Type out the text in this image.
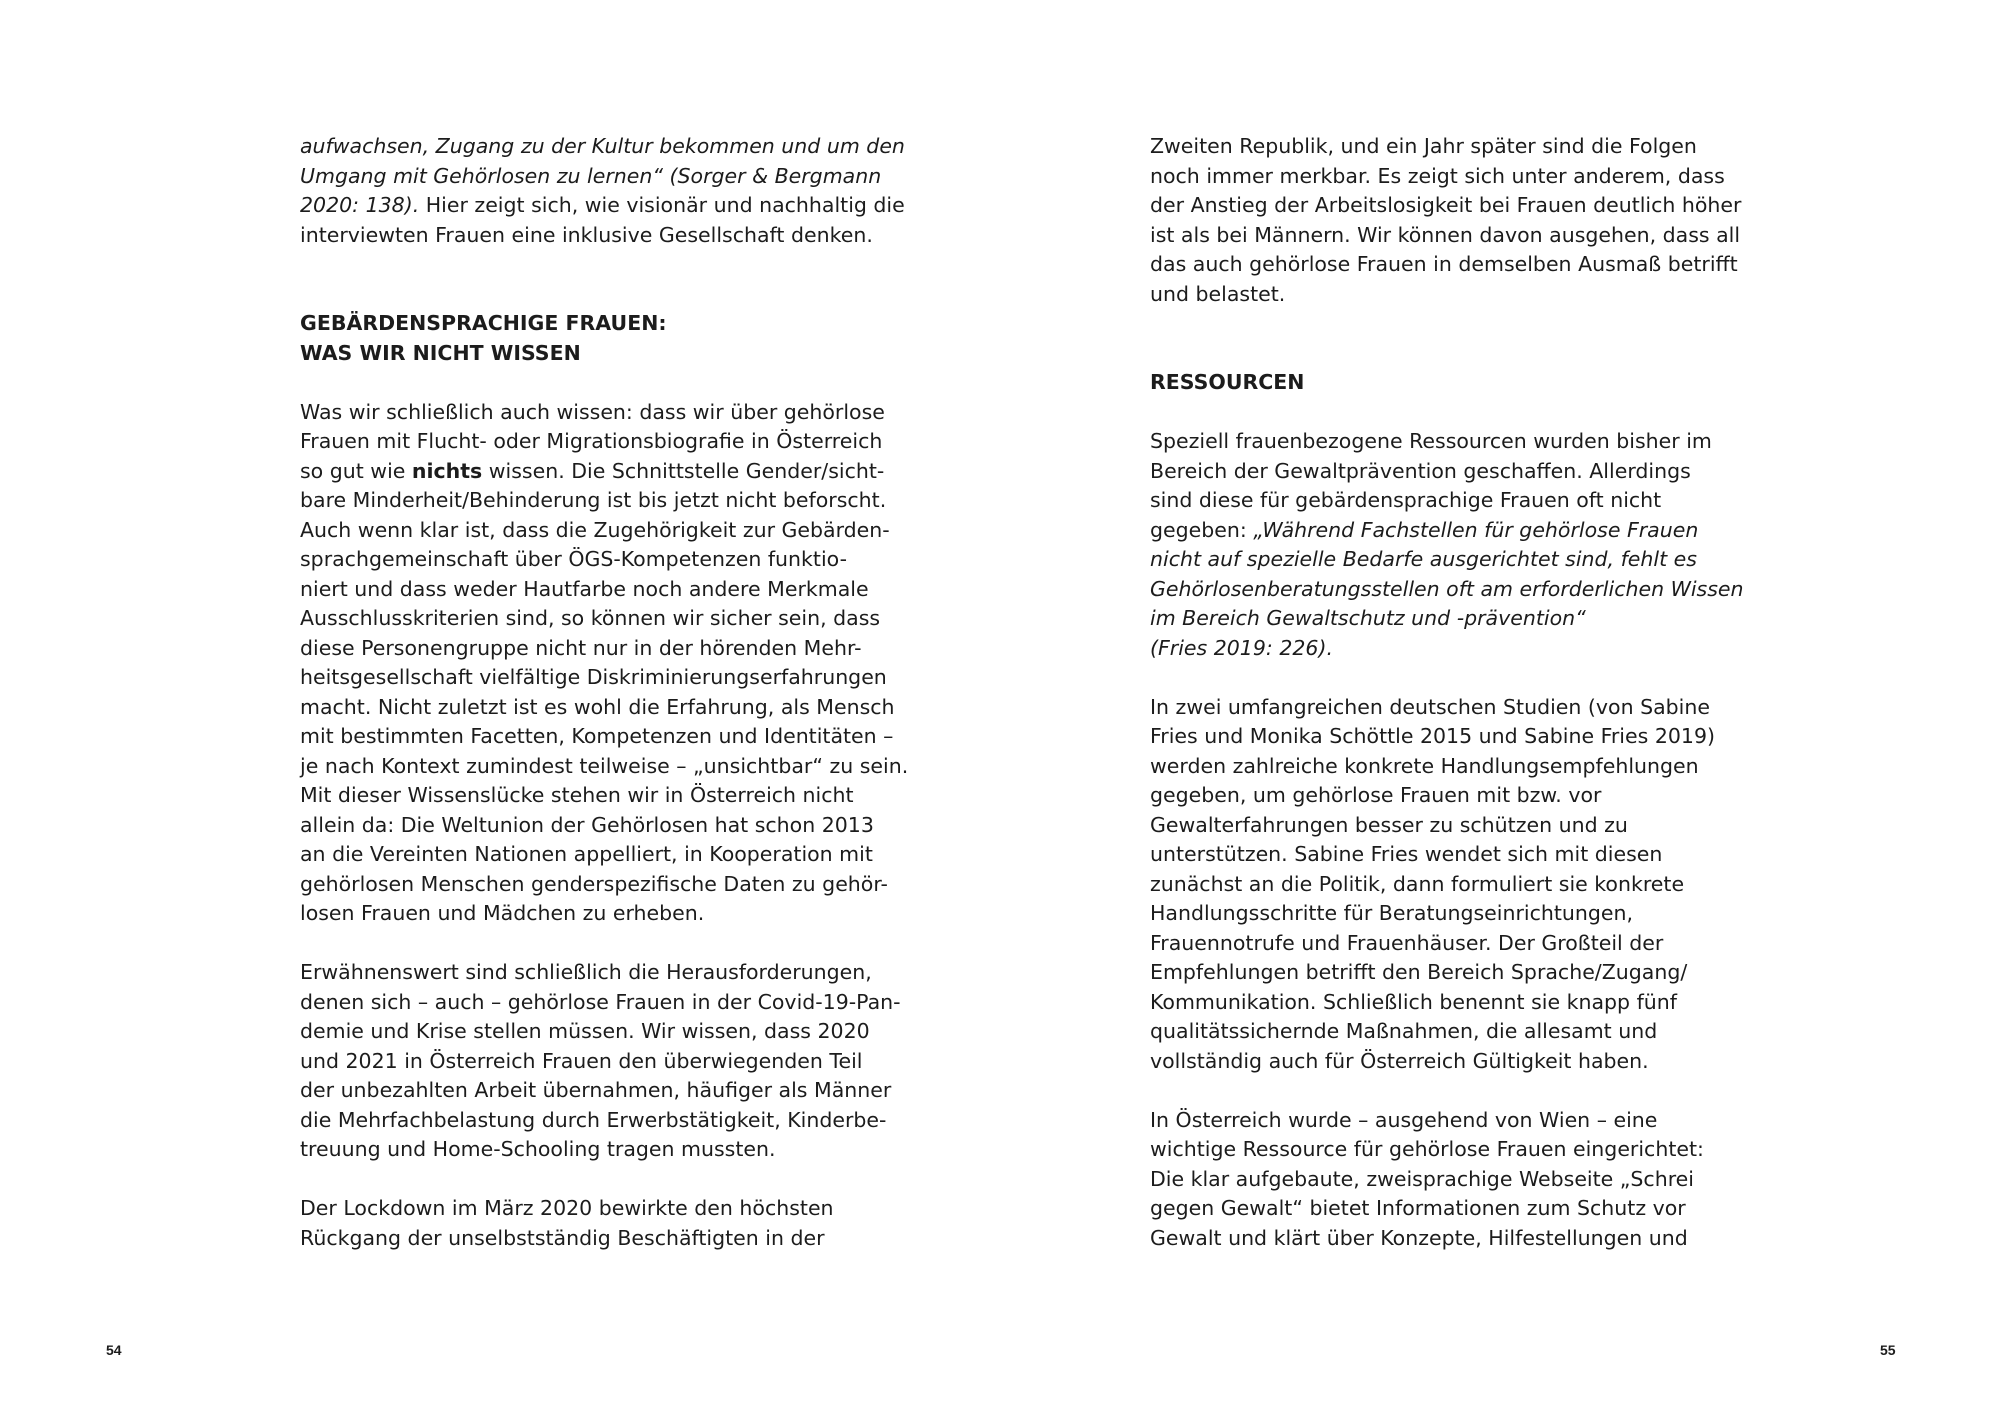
aufwachsen, Zugang zu der Kultur bekommen und um den
Umgang mit Gehörlosen zu lernen“ (Sorger & Bergmann
2020: 138). Hier zeigt sich, wie visionär und nachhaltig die
interviewten Frauen eine inklusive Gesellschaft denken.
GEBÄRDENSPRACHIGE FRAUEN:
WAS WIR NICHT WISSEN
Was wir schließlich auch wissen: dass wir über gehörlose
Frauen mit Flucht- oder Migrationsbiografie in Österreich
so gut wie nichts wissen. Die Schnittstelle Gender/sicht-
bare Minderheit/Behinderung ist bis jetzt nicht beforscht.
Auch wenn klar ist, dass die Zugehörigkeit zur Gebärden-
sprachgemeinschaft über ÖGS-Kompetenzen funktio-
niert und dass weder Hautfarbe noch andere Merkmale
Ausschlusskriterien sind, so können wir sicher sein, dass
diese Personengruppe nicht nur in der hörenden Mehr-
heitsgesellschaft vielfältige Diskriminierungserfahrungen
macht. Nicht zuletzt ist es wohl die Erfahrung, als Mensch
mit bestimmten Facetten, Kompetenzen und Identitäten –
je nach Kontext zumindest teilweise – „unsichtbar“ zu sein.
Mit dieser Wissenslücke stehen wir in Österreich nicht
allein da: Die Weltunion der Gehörlosen hat schon 2013
an die Vereinten Nationen appelliert, in Kooperation mit
gehörlosen Menschen genderspezifische Daten zu gehör-
losen Frauen und Mädchen zu erheben.
Erwähnenswert sind schließlich die Herausforderungen,
denen sich – auch – gehörlose Frauen in der Covid-19-Pan-
demie und Krise stellen müssen. Wir wissen, dass 2020
und 2021 in Österreich Frauen den überwiegenden Teil
der unbezahlten Arbeit übernahmen, häufiger als Männer
die Mehrfachbelastung durch Erwerbstätigkeit, Kinderbe-
treuung und Home-Schooling tragen mussten.
Der Lockdown im März 2020 bewirkte den höchsten
Rückgang der unselbstständig Beschäftigten in der
Zweiten Republik, und ein Jahr später sind die Folgen
noch immer merkbar. Es zeigt sich unter anderem, dass
der Anstieg der Arbeitslosigkeit bei Frauen deutlich höher
ist als bei Männern. Wir können davon ausgehen, dass all
das auch gehörlose Frauen in demselben Ausmaß betrifft
und belastet.
RESSOURCEN
Speziell frauenbezogene Ressourcen wurden bisher im
Bereich der Gewaltprävention geschaffen. Allerdings
sind diese für gebärdensprachige Frauen oft nicht
gegeben: „Während Fachstellen für gehörlose Frauen
nicht auf spezielle Bedarfe ausgerichtet sind, fehlt es
Gehörlosenberatungsstellen oft am erforderlichen Wissen
im Bereich Gewaltschutz und -prävention“
(Fries 2019: 226).
In zwei umfangreichen deutschen Studien (von Sabine
Fries und Monika Schöttle 2015 und Sabine Fries 2019)
werden zahlreiche konkrete Handlungsempfehlungen
gegeben, um gehörlose Frauen mit bzw. vor
Gewalterfahrungen besser zu schützen und zu
unterstützen. Sabine Fries wendet sich mit diesen
zunächst an die Politik, dann formuliert sie konkrete
Handlungsschritte für Beratungseinrichtungen,
Frauennotrufe und Frauenhäuser. Der Großteil der
Empfehlungen betrifft den Bereich Sprache/Zugang/
Kommunikation. Schließlich benennt sie knapp fünf
qualitätssichernde Maßnahmen, die allesamt und
vollständig auch für Österreich Gültigkeit haben.
In Österreich wurde – ausgehend von Wien – eine
wichtige Ressource für gehörlose Frauen eingerichtet:
Die klar aufgebaute, zweisprachige Webseite „Schrei
gegen Gewalt“ bietet Informationen zum Schutz vor
Gewalt und klärt über Konzepte, Hilfestellungen und
54	55
